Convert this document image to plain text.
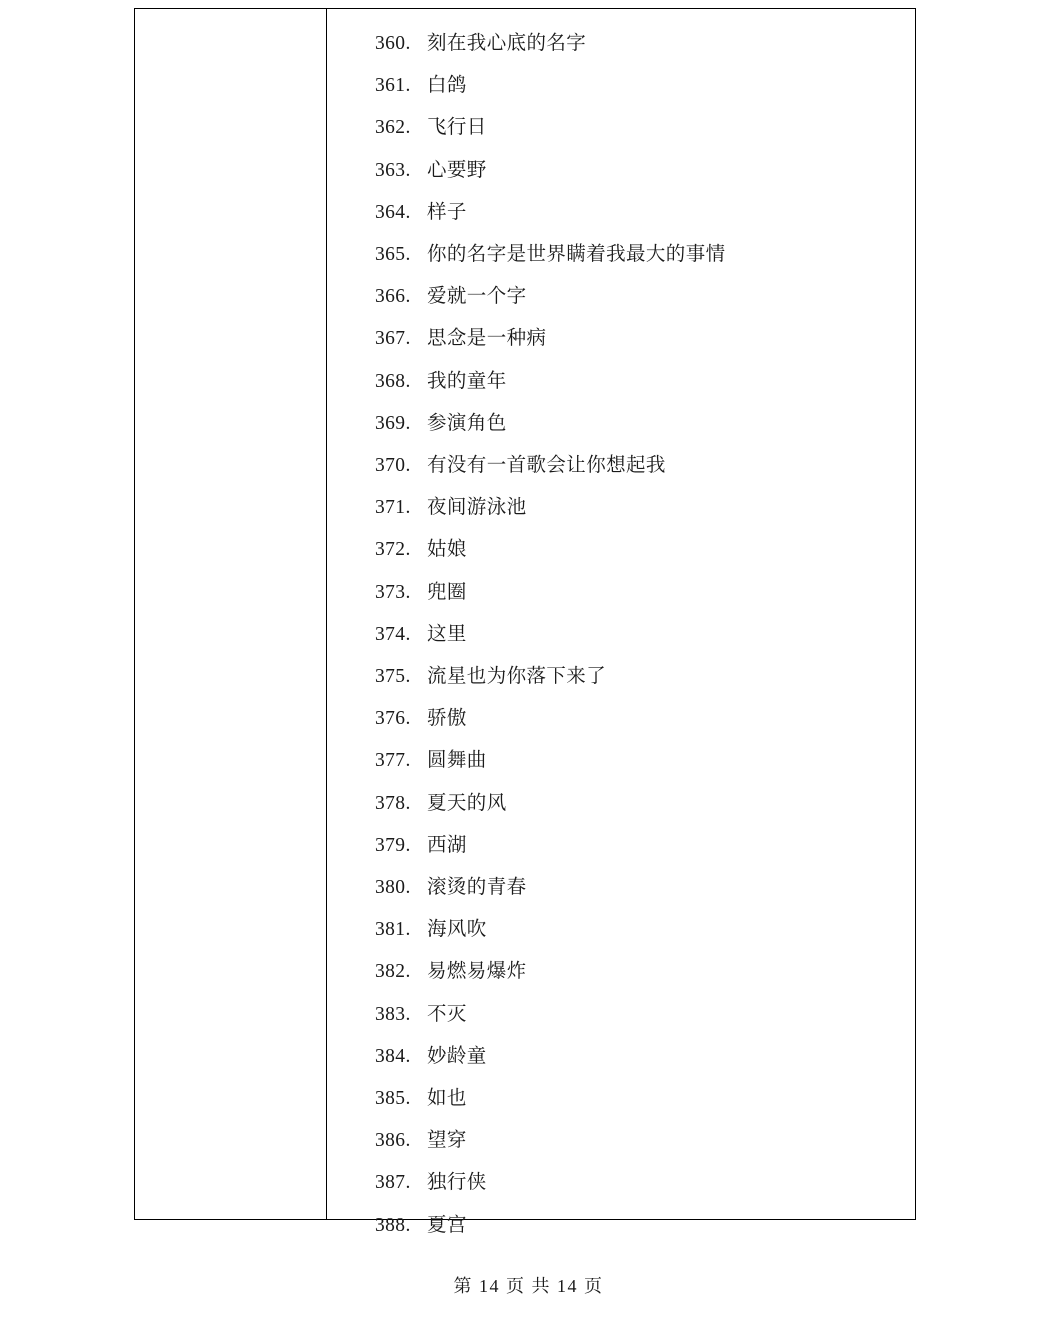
360. 刻在我心底的名字
361. 白鸽
362. 飞行日
363. 心要野
364. 样子
365. 你的名字是世界瞒着我最大的事情
366. 爱就一个字
367. 思念是一种病
368. 我的童年
369. 参演角色
370. 有没有一首歌会让你想起我
371. 夜间游泳池
372. 姑娘
373. 兜圈
374. 这里
375. 流星也为你落下来了
376. 骄傲
377. 圆舞曲
378. 夏天的风
379. 西湖
380. 滚烫的青春
381. 海风吹
382. 易燃易爆炸
383. 不灭
384. 妙龄童
385. 如也
386. 望穿
387. 独行侠
388. 夏宫
第 14 页 共 14 页
